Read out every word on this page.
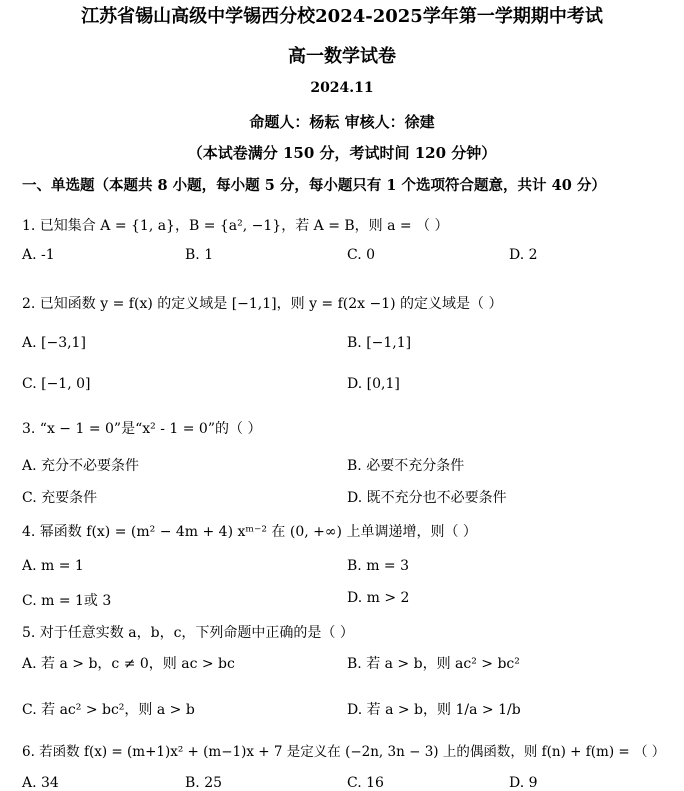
江苏省锡山高级中学锡西分校2024-2025学年第一学期期中考试
高一数学试卷
2024.11
命题人：杨耘 审核人：徐建
（本试卷满分 150 分，考试时间 120 分钟）
一、单选题（本题共 8 小题，每小题 5 分，每小题只有 1 个选项符合题意，共计 40 分）
1. 已知集合 A = {1, a}，B = {a², −1}，若 A = B，则 a = （ ）
A. -1	B. 1	C. 0	D. 2
2. 已知函数 y = f(x) 的定义域是 [−1,1]，则 y = f(2x −1) 的定义域是（ ）
A. [−3,1]	B. [−1,1]
C. [−1, 0]	D. [0,1]
3. “x − 1 = 0”是“x² - 1 = 0”的（ ）
A. 充分不必要条件	B. 必要不充分条件
C. 充要条件	D. 既不充分也不必要条件
4. 幂函数 f(x) = (m² − 4m + 4) xᵐ⁻² 在 (0, +∞) 上单调递增，则（ ）
A. m = 1	B. m = 3
C. m = 1或 3	D. m > 2
5. 对于任意实数 a，b，c，下列命题中正确的是（ ）
A. 若 a > b，c ≠ 0，则 ac > bc	B. 若 a > b，则 ac² > bc²
C. 若 ac² > bc²，则 a > b	D. 若 a > b，则 1/a > 1/b
6. 若函数 f(x) = (m+1)x² + (m−1)x + 7 是定义在 (−2n, 3n − 3) 上的偶函数，则 f(n) + f(m) = （ ）
A. 34	B. 25	C. 16	D. 9
